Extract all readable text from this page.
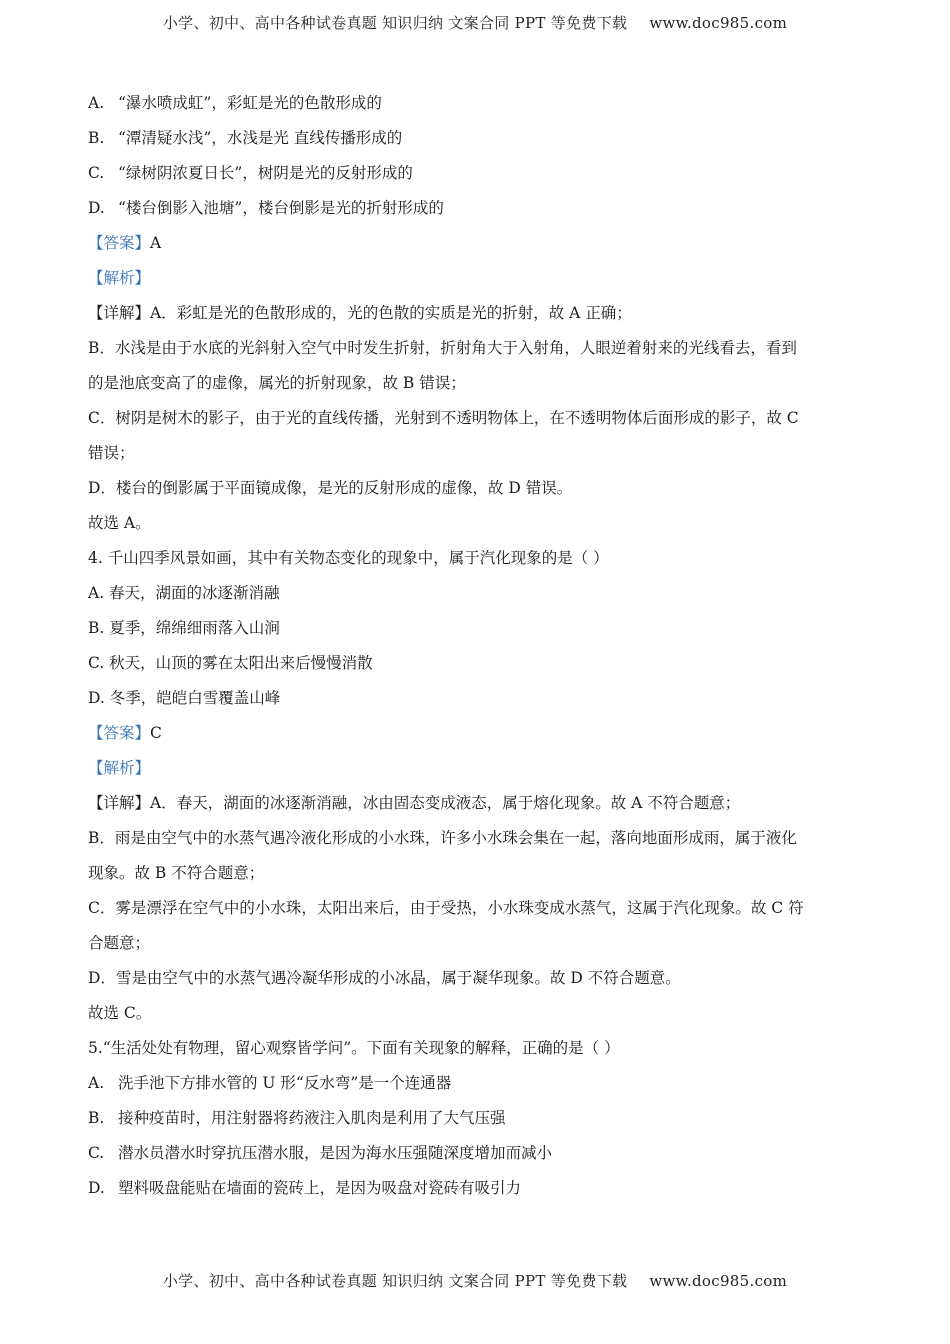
小学、初中、高中各种试卷真题 知识归纳 文案合同 PPT 等免费下载 www.doc985.com
A. “瀑水喷成虹”，彩虹是光的色散形成的
B. “潭清疑水浅”，水浅是光 直线传播形成的
C. “绿树阴浓夏日长”，树阴是光的反射形成的
D. “楼台倒影入池塘”，楼台倒影是光的折射形成的
【答案】A
【解析】
【详解】A．彩虹是光的色散形成的，光的色散的实质是光的折射，故 A 正确；
B．水浅是由于水底的光斜射入空气中时发生折射，折射角大于入射角，人眼逆着射来的光线看去，看到
的是池底变高了的虚像，属光的折射现象，故 B 错误；
C．树阴是树木的影子，由于光的直线传播，光射到不透明物体上，在不透明物体后面形成的影子，故 C
错误；
D．楼台的倒影属于平面镜成像，是光的反射形成的虚像，故 D 错误。
故选 A。
4. 千山四季风景如画，其中有关物态变化的现象中，属于汽化现象的是（ ）
A. 春天，湖面的冰逐渐消融
B. 夏季，绵绵细雨落入山涧
C. 秋天，山顶的雾在太阳出来后慢慢消散
D. 冬季，皑皑白雪覆盖山峰
【答案】C
【解析】
【详解】A．春天，湖面的冰逐渐消融，冰由固态变成液态，属于熔化现象。故 A 不符合题意；
B．雨是由空气中的水蒸气遇冷液化形成的小水珠，许多小水珠会集在一起，落向地面形成雨，属于液化
现象。故 B 不符合题意；
C．雾是漂浮在空气中的小水珠，太阳出来后，由于受热，小水珠变成水蒸气，这属于汽化现象。故 C 符
合题意；
D．雪是由空气中的水蒸气遇冷凝华形成的小冰晶，属于凝华现象。故 D 不符合题意。
故选 C。
5.“生活处处有物理，留心观察皆学问”。下面有关现象的解释，正确的是（ ）
A. 洗手池下方排水管的 U 形“反水弯”是一个连通器
B. 接种疫苗时，用注射器将药液注入肌肉是利用了大气压强
C. 潜水员潜水时穿抗压潜水服，是因为海水压强随深度增加而减小
D. 塑料吸盘能贴在墙面的瓷砖上，是因为吸盘对瓷砖有吸引力
小学、初中、高中各种试卷真题 知识归纳 文案合同 PPT 等免费下载 www.doc985.com
